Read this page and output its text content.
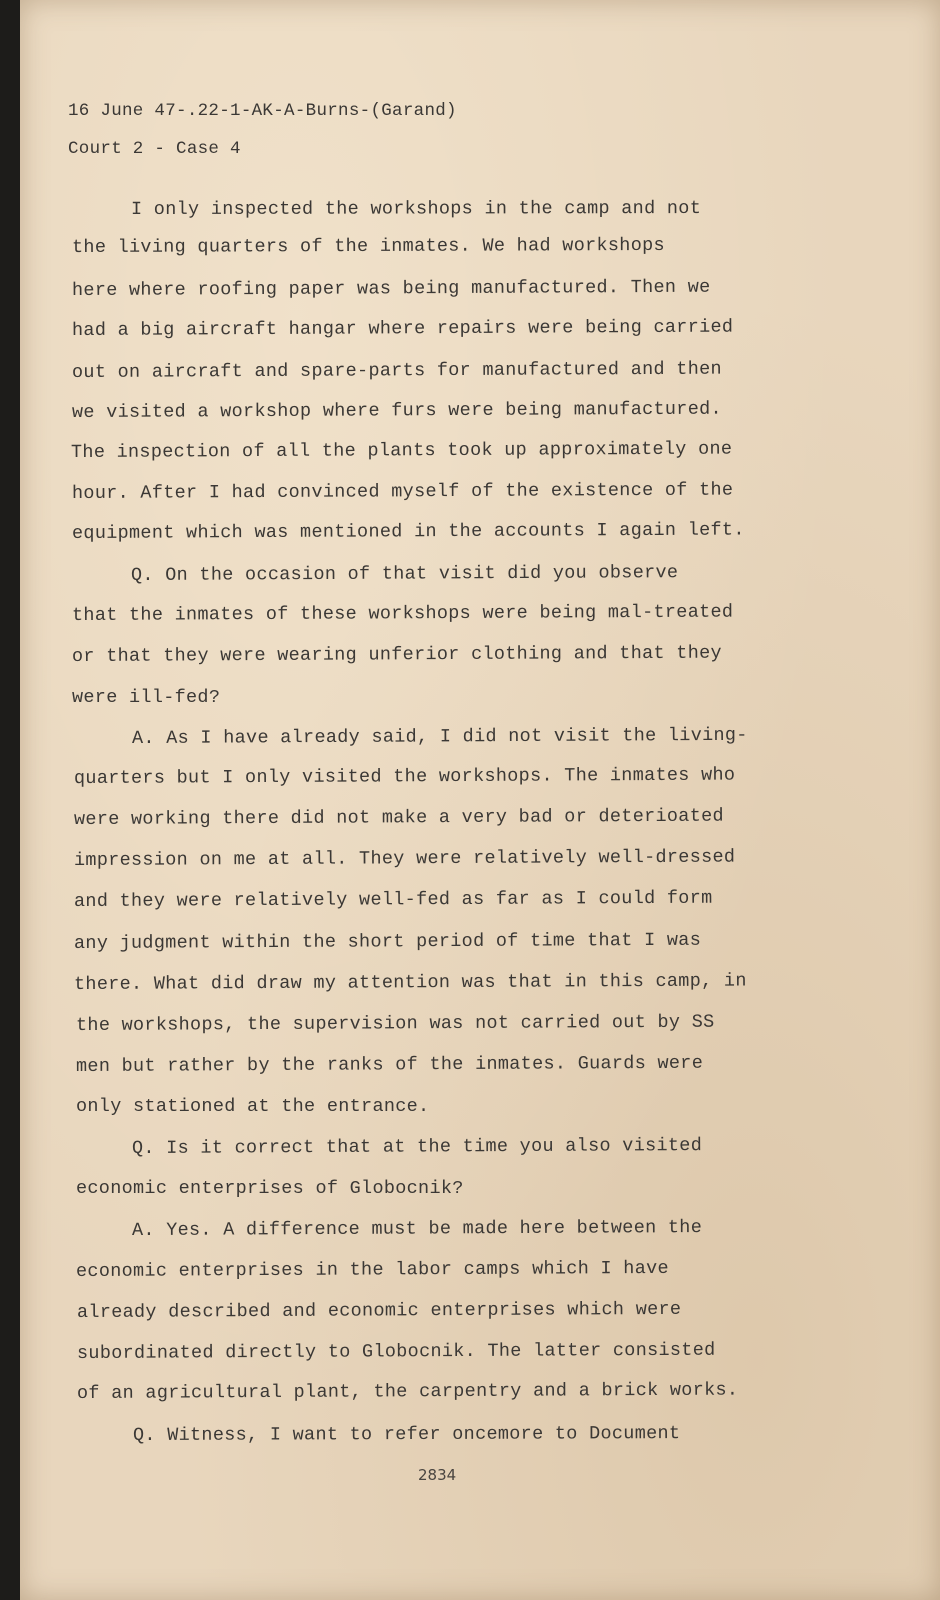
16 June 47-.22-1-AK-A-Burns-(Garand)

Court 2 - Case 4

I only inspected the workshops in the camp and not

the living quarters of the inmates. We had workshops

here where roofing paper was being manufactured. Then we

had a big aircraft hangar where repairs were being carried

out on aircraft and spare-parts for manufactured and then

we visited a workshop where furs were being manufactured.

The inspection of all the plants took up approximately one

hour. After I had convinced myself of the existence of the

equipment which was mentioned in the accounts I again left.

Q. On the occasion of that visit did you observe

that the inmates of these workshops were being mal-treated

or that they were wearing unferior clothing and that they

were ill-fed?

A. As I have already said, I did not visit the living-

quarters but I only visited the workshops. The inmates who

were working there did not make a very bad or deterioated

impression on me at all. They were relatively well-dressed

and they were relatively well-fed as far as I could form

any judgment within the short period of time that I was

there. What did draw my attention was that in this camp, in

the workshops, the supervision was not carried out by SS

men but rather by the ranks of the inmates. Guards were

only stationed at the entrance.

Q. Is it correct that at the time you also visited

economic enterprises of Globocnik?

A. Yes. A difference must be made here between the

economic enterprises in the labor camps which I have

already described and economic enterprises which were

subordinated directly to Globocnik. The latter consisted

of an agricultural plant, the carpentry and a brick works.

Q. Witness, I want to refer oncemore to Document

2834
